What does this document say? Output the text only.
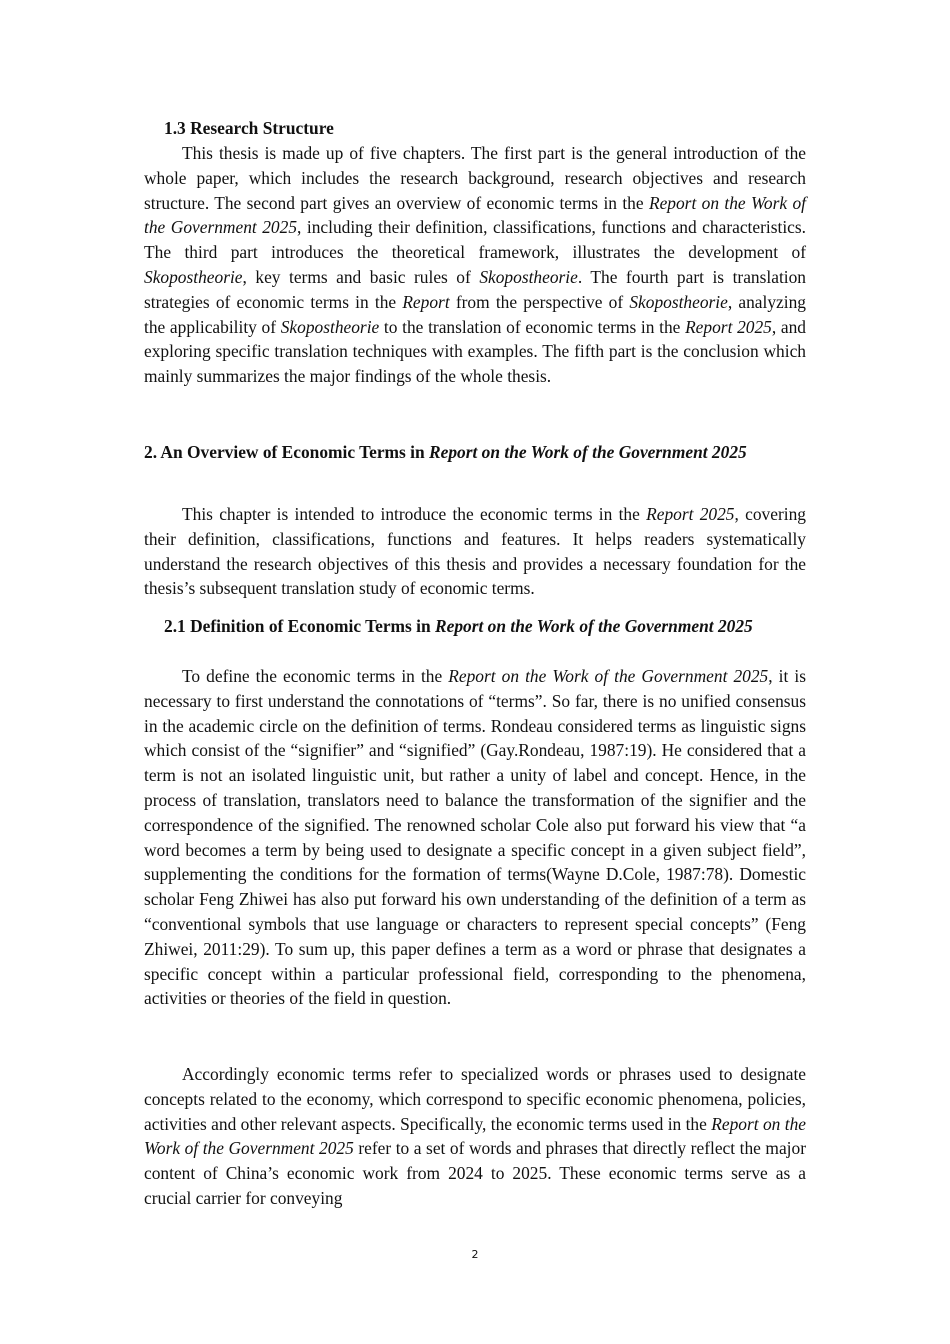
1.3 Research Structure

This thesis is made up of five chapters. The first part is the general introduction of the whole paper, which includes the research background, research objectives and research structure. The second part gives an overview of economic terms in the Report on the Work of the Government 2025, including their definition, classifications, functions and characteristics. The third part introduces the theoretical framework, illustrates the development of Skopostheorie, key terms and basic rules of Skopostheorie. The fourth part is translation strategies of economic terms in the Report from the perspective of Skopostheorie, analyzing the applicability of Skopostheorie to the translation of economic terms in the Report 2025, and exploring specific translation techniques with examples. The fifth part is the conclusion which mainly summarizes the major findings of the whole thesis.

2. An Overview of Economic Terms in Report on the Work of the Government 2025

This chapter is intended to introduce the economic terms in the Report 2025, covering their definition, classifications, functions and features. It helps readers systematically understand the research objectives of this thesis and provides a necessary foundation for the thesis’s subsequent translation study of economic terms.

2.1 Definition of Economic Terms in Report on the Work of the Government 2025

To define the economic terms in the Report on the Work of the Government 2025, it is necessary to first understand the connotations of “terms”. So far, there is no unified consensus in the academic circle on the definition of terms. Rondeau considered terms as linguistic signs which consist of the “signifier” and “signified” (Gay.Rondeau, 1987:19). He considered that a term is not an isolated linguistic unit, but rather a unity of label and concept. Hence, in the process of translation, translators need to balance the transformation of the signifier and the correspondence of the signified. The renowned scholar Cole also put forward his view that “a word becomes a term by being used to designate a specific concept in a given subject field”, supplementing the conditions for the formation of terms(Wayne D.Cole, 1987:78). Domestic scholar Feng Zhiwei has also put forward his own understanding of the definition of a term as “conventional symbols that use language or characters to represent special concepts” (Feng Zhiwei, 2011:29). To sum up, this paper defines a term as a word or phrase that designates a specific concept within a particular professional field, corresponding to the phenomena, activities or theories of the field in question.

Accordingly economic terms refer to specialized words or phrases used to designate concepts related to the economy, which correspond to specific economic phenomena, policies, activities and other relevant aspects. Specifically, the economic terms used in the Report on the Work of the Government 2025 refer to a set of words and phrases that directly reflect the major content of China’s economic work from 2024 to 2025. These economic terms serve as a crucial carrier for conveying

2
